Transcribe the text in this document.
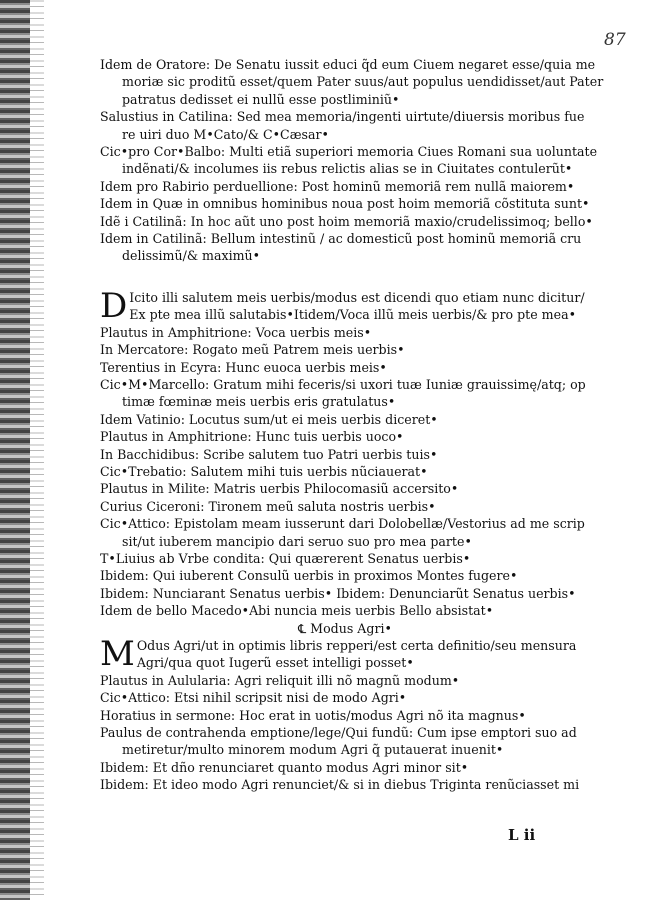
87
Idem de Oratore: De Senatu iussit educi q̃d eum Ciuem negaret esse/quia me
moriæ sic proditũ esset/quem Pater suus/aut populus uendidisset/aut Pater
patratus dedisset ei nullũ esse postliminiũ•
Salustius in Catilina: Sed mea memoria/ingenti uirtute/diuersis moribus fue
re uiri duo M•Cato/& C•Cæsar•
Cic•pro Cor•Balbo: Multi etiã superiori memoria Ciues Romani sua uoluntate
indẽnati/& incolumes iis rebus relictis alias se in Ciuitates contulerũt•
Idem pro Rabirio perduellione: Post hominũ memoriã rem nullã maiorem•
Idem in Quæ in omnibus hominibus noua post hoim memoriã cõstituta sunt•
Idẽ i Catilinã: In hoc aũt uno post hoim memoriã maxio/crudelissimoq; bello•
Idem in Catilinã: Bellum intestinũ / ac domesticũ post hominũ memoriã cru
delissimũ/& maximũ•
D Icito illi salutem meis uerbis/modus est dicendi quo etiam nunc dicitur/
Ex pte mea illũ salutabis•Itidem/Voca illũ meis uerbis/& pro pte mea•
Plautus in Amphitrione: Voca uerbis meis•
In Mercatore: Rogato meũ Patrem meis uerbis•
Terentius in Ecyra: Hunc euoca uerbis meis•
Cic•M•Marcello: Gratum mihi feceris/si uxori tuæ Iuniæ grauissimę/atq; op
timæ fœminæ meis uerbis eris gratulatus•
Idem Vatinio: Locutus sum/ut ei meis uerbis diceret•
Plautus in Amphitrione: Hunc tuis uerbis uoco•
In Bacchidibus: Scribe salutem tuo Patri uerbis tuis•
Cic•Trebatio: Salutem mihi tuis uerbis nũciauerat•
Plautus in Milite: Matris uerbis Philocomasiũ accersito•
Curius Ciceroni: Tironem meũ saluta nostris uerbis•
Cic•Attico: Epistolam meam iusserunt dari Dolobellæ/Vestorius ad me scrip
sit/ut iuberem mancipio dari seruo suo pro mea parte•
T•Liuius ab Vrbe condita: Qui quærerent Senatus uerbis•
Ibidem: Qui iuberent Consulũ uerbis in proximos Montes fugere•
Ibidem: Nunciarant Senatus uerbis• Ibidem: Denunciarũt Senatus uerbis•
Idem de bello Macedo•Abi nuncia meis uerbis Bello absistat•
℄ Modus Agri•
M Odus Agri/ut in optimis libris repperi/est certa definitio/seu mensura
Agri/qua quot Iugerũ esset intelligi posset•
Plautus in Aulularia: Agri reliquit illi nõ magnũ modum•
Cic•Attico: Etsi nihil scripsit nisi de modo Agri•
Horatius in sermone: Hoc erat in uotis/modus Agri nõ ita magnus•
Paulus de contrahenda emptione/lege/Qui fundũ: Cum ipse emptori suo ad
metiretur/multo minorem modum Agri q̃ putauerat inuenit•
Ibidem: Et dño renunciaret quanto modus Agri minor sit•
Ibidem: Et ideo modo Agri renunciet/& si in diebus Triginta renũciasset mi
L ii
